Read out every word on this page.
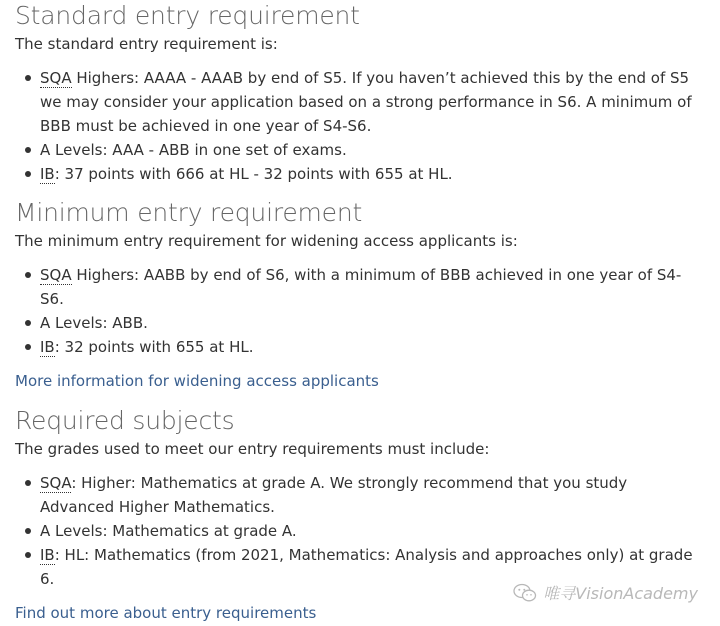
Standard entry requirement

The standard entry requirement is:

SQA Highers: AAAA - AAAB by end of S5. If you haven’t achieved this by the end of S5 we may consider your application based on a strong performance in S6. A minimum of BBB must be achieved in one year of S4-S6.
A Levels: AAA - ABB in one set of exams.
IB: 37 points with 666 at HL - 32 points with 655 at HL.
Minimum entry requirement

The minimum entry requirement for widening access applicants is:

SQA Highers: AABB by end of S6, with a minimum of BBB achieved in one year of S4-S6.
A Levels: ABB.
IB: 32 points with 655 at HL.
More information for widening access applicants
Required subjects

The grades used to meet our entry requirements must include:

SQA: Higher: Mathematics at grade A. We strongly recommend that you study Advanced Higher Mathematics.
A Levels: Mathematics at grade A.
IB: HL: Mathematics (from 2021, Mathematics: Analysis and approaches only) at grade 6.
Find out more about entry requirements
唯寻VisionAcademy
